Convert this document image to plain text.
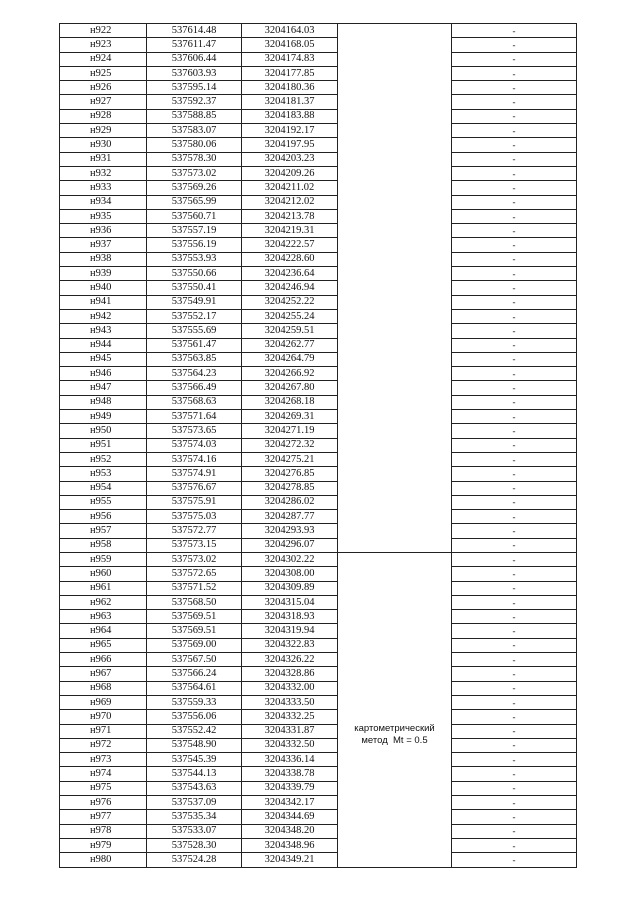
н922	537614.48	3204164.03		-
н923	537611.47	3204168.05		-
н924	537606.44	3204174.83		-
н925	537603.93	3204177.85		-
н926	537595.14	3204180.36		-
н927	537592.37	3204181.37		-
н928	537588.85	3204183.88		-
н929	537583.07	3204192.17		-
н930	537580.06	3204197.95		-
н931	537578.30	3204203.23		-
н932	537573.02	3204209.26		-
н933	537569.26	3204211.02		-
н934	537565.99	3204212.02		-
н935	537560.71	3204213.78		-
н936	537557.19	3204219.31		-
н937	537556.19	3204222.57		-
н938	537553.93	3204228.60		-
н939	537550.66	3204236.64		-
н940	537550.41	3204246.94		-
н941	537549.91	3204252.22		-
н942	537552.17	3204255.24		-
н943	537555.69	3204259.51		-
н944	537561.47	3204262.77		-
н945	537563.85	3204264.79		-
н946	537564.23	3204266.92		-
н947	537566.49	3204267.80		-
н948	537568.63	3204268.18		-
н949	537571.64	3204269.31		-
н950	537573.65	3204271.19		-
н951	537574.03	3204272.32		-
н952	537574.16	3204275.21		-
н953	537574.91	3204276.85		-
н954	537576.67	3204278.85		-
н955	537575.91	3204286.02		-
н956	537575.03	3204287.77		-
н957	537572.77	3204293.93		-
н958	537573.15	3204296.07		-
н959	537573.02	3204302.22	картометрический
метод  Mt = 0.5	-
н960	537572.65	3204308.00		-
н961	537571.52	3204309.89		-
н962	537568.50	3204315.04		-
н963	537569.51	3204318.93		-
н964	537569.51	3204319.94		-
н965	537569.00	3204322.83		-
н966	537567.50	3204326.22		-
н967	537566.24	3204328.86		-
н968	537564.61	3204332.00		-
н969	537559.33	3204333.50		-
н970	537556.06	3204332.25		-
н971	537552.42	3204331.87		-
н972	537548.90	3204332.50		-
н973	537545.39	3204336.14		-
н974	537544.13	3204338.78		-
н975	537543.63	3204339.79		-
н976	537537.09	3204342.17		-
н977	537535.34	3204344.69		-
н978	537533.07	3204348.20		-
н979	537528.30	3204348.96		-
н980	537524.28	3204349.21		-
